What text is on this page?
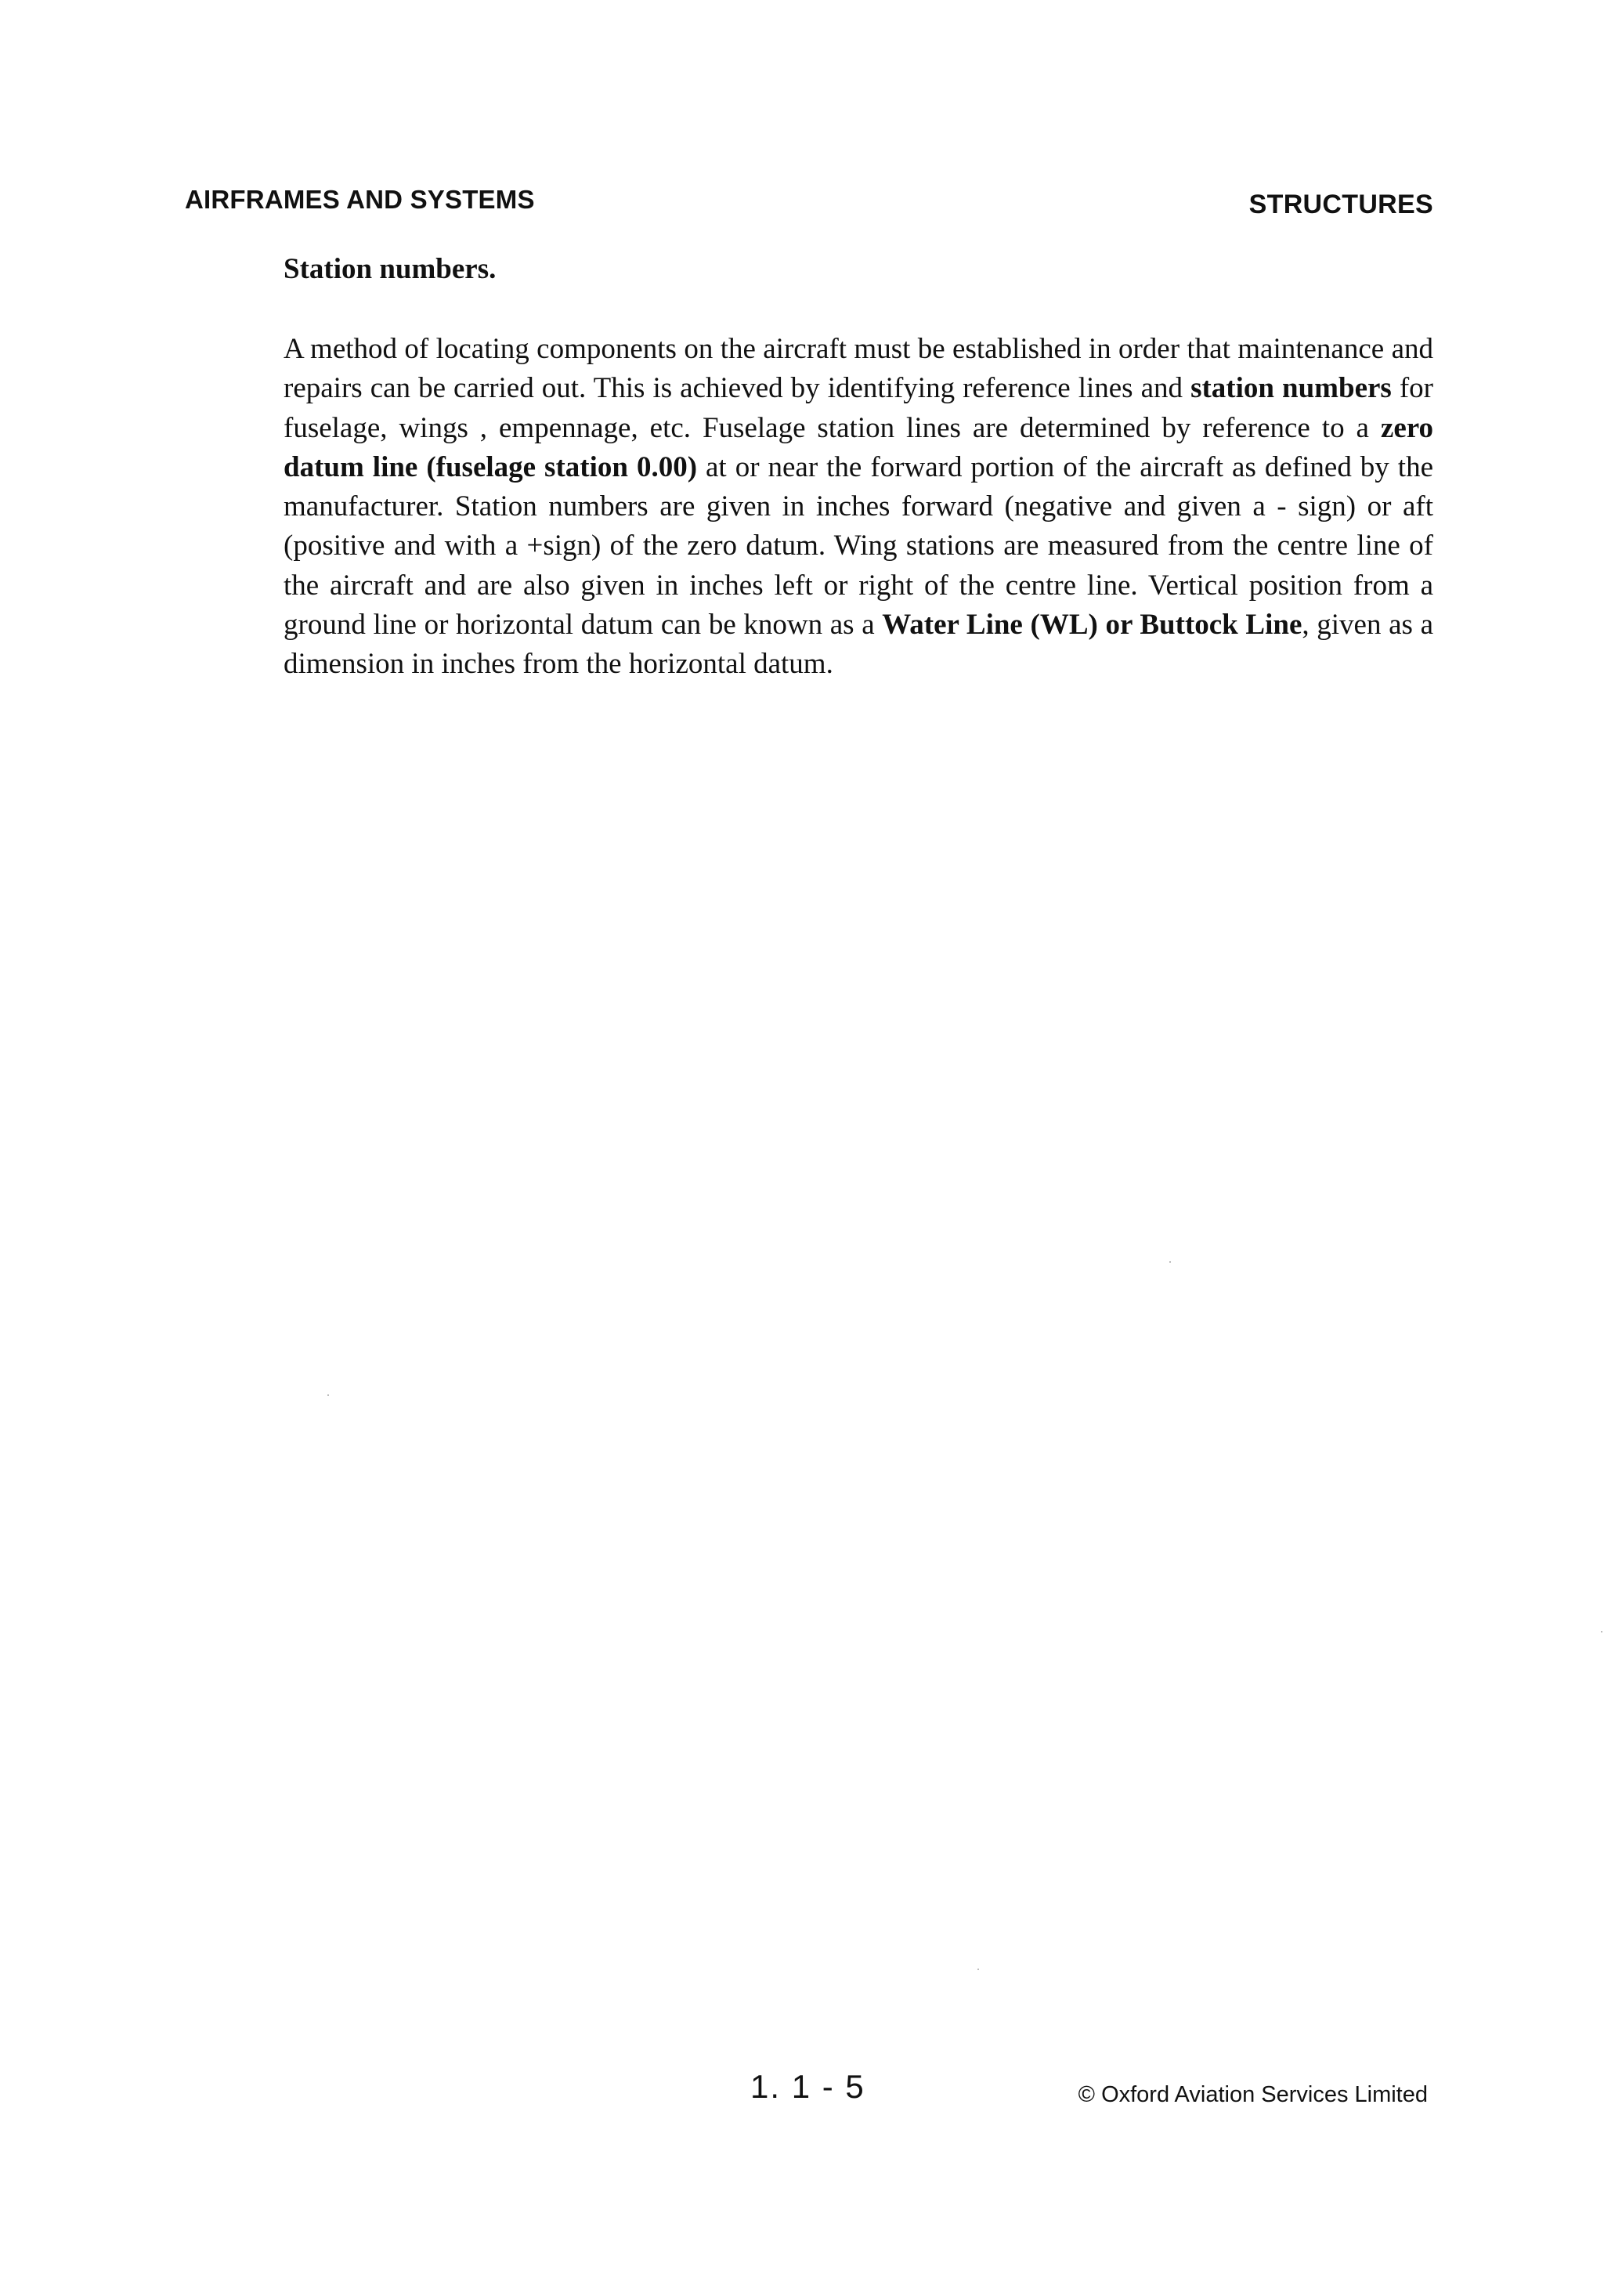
AIRFRAMES AND SYSTEMS	STRUCTURES
Station numbers.

A method of locating components on the aircraft must be established in order that maintenance and repairs can be carried out. This is achieved by identifying reference lines and station numbers for fuselage, wings , empennage, etc. Fuselage station lines are determined by reference to a zero datum line (fuselage station 0.00) at or near the forward portion of the aircraft as defined by the manufacturer. Station numbers are given in inches forward (negative and given a - sign) or aft (positive and with a +sign) of the zero datum. Wing stations are measured from the centre line of the aircraft and are also given in inches left or right of the centre line. Vertical position from a ground line or horizontal datum can be known as a Water Line (WL) or Buttock Line, given as a dimension in inches from the horizontal datum.

1. 1 - 5	© Oxford Aviation Services Limited
